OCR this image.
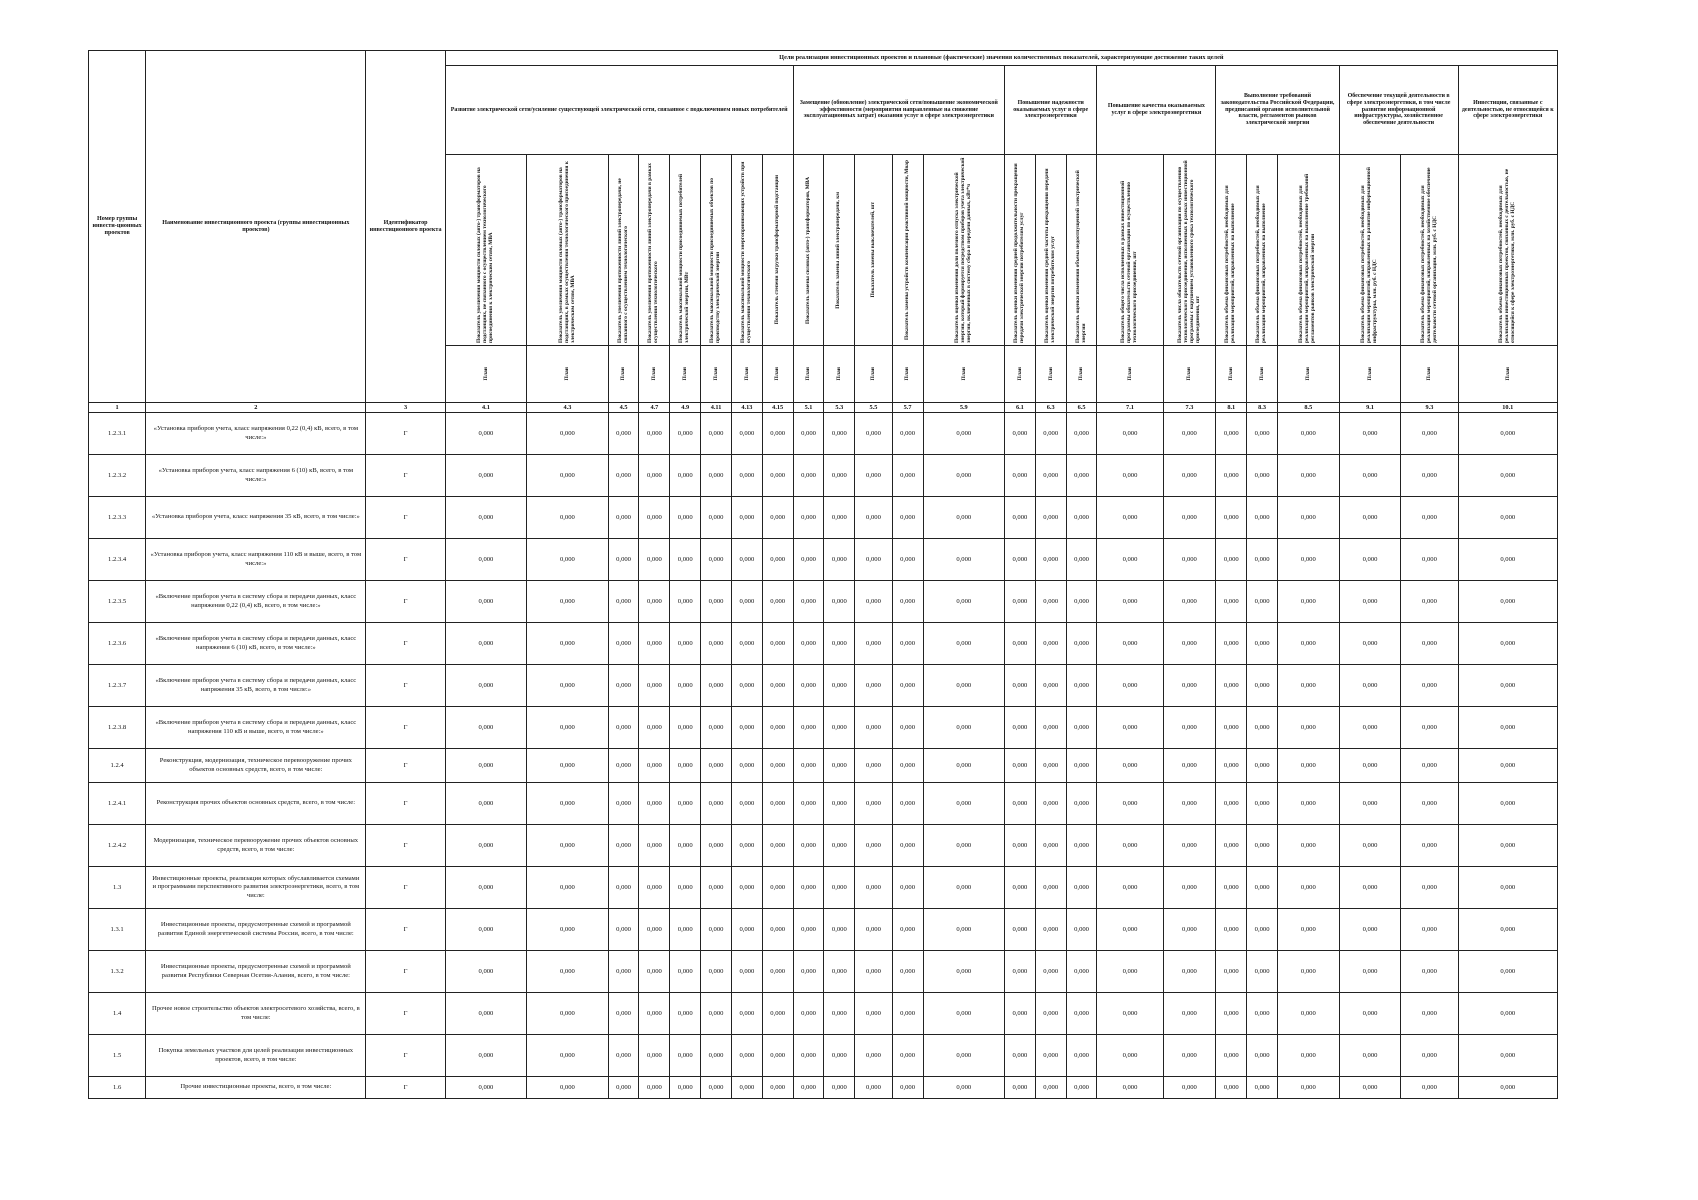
Номер группы инвести-ционных проектов	Наименование инвестиционного проекта (группы инвестиционных проектов)	Идентификатор инвестиционного проекта	Цели реализации инвестиционных проектов и плановые (фактические) значения количественных показателей, характеризующие достижение таких целей																							
			Развитие электрической сети/усиление существующей электрической сети, связанное с подключением новых потребителей								Замещение (обновление) электрической сети/повышение экономической эффективности (мероприятия направленные на снижение эксплуатационных затрат) оказания услуг в сфере электроэнергетики					Повышение надежности оказываемых услуг в сфере электроэнергетики			Повышение качества оказываемых услуг в сфере электроэнергетики		Выполнение требований законодательства Российской Федерации, предписаний органов исполнительной власти, регламентов рынков электрической энергии			Обеспечение текущей деятельности в сфере электроэнергетики, в том числе развитие информационной инфраструктуры, хозяйственное обеспечение деятельности		Инвестиции, связанные с деятельностью, не относящейся к сфере электроэнергетики

			Показатель увеличения мощности силовых (авто-) трансформаторов на подстанциях, не связанного с осуществлением технологического присоединения к электрическим сетям, МВА	Показатель увеличения мощности силовых (авто-) трансформаторов на подстанциях, в рамках осуществления технологического присоединения к электрическим сетям, МВА	Показатель увеличения протяженности линий электропередачи, не связанного с осуществлением технологического	Показатель увеличения протяженности линий электропередачи в рамках осуществления технологического	Показатель максимальной мощности присоединяемых потребителей электрической энергии, МВт	Показатель максимальной мощности присоединяемых объектов по производству электрической энергии	Показатель максимальной мощности энергопринимающих устройств при осуществлении технологического	Показатель степени загрузки трансформаторной подстанции	Показатель замены силовых (авто-) трансформаторов, МВА	Показатель замены линий электропередачи, км	Показатель замены выключателей, шт	Показатель замены устройств компенсации реактивной мощности, Мвар	Показатель оценки изменения доли полезного отпуска электрической энергии, который формируется посредством приборов учета электрической энергии, включенных в систему сбора и передачи данных, кВт*ч	Показатель оценки изменения средней продолжительности прекращения передачи электрической энергии потребителям услуг	Показатель оценки изменения средней частоты прекращения передачи электрической энергии потребителям услуг	Показатель оценки изменения объема недоотпущенной электрической энергии	Показатель общего числа исполненных в рамках инвестиционной программы обязательств сетевой организации по осуществлению технологического присоединения, шт	Показатель числа обязательств сетевой организации по осуществлению технологического присоединения, исполненных в рамках инвестиционной программы с нарушением установленного срока технологического присоединения, шт	Показатель объема финансовых потребностей, необходимых для реализации мероприятий, направленных на выполнение	Показатель объема финансовых потребностей, необходимых для реализации мероприятий, направленных на выполнение	Показатель объема финансовых потребностей, необходимых для реализации мероприятий, направленных на выполнение требований регламентов рынков электрической энергии	Показатель объема финансовых потребностей, необходимых для реализации мероприятий, направленных на развитие информационной инфраструктуры, млн. руб. с НДС	Показатель объема финансовых потребностей, необходимых для реализации мероприятий, направленных на хозяйственное обеспечение деятельности сетевой организации, млн. руб. с НДС	Показатель объема финансовых потребностей, необходимых для реализации инвестиционных проектов, связанных с деятельностью, не относящейся к сфере электроэнергетики, млн. руб. с НДС

			План	План	План	План	План	План	План	План	План	План	План	План	План	План	План	План	План	План	План	План	План	План	План	План

1	2	3	4.1	4.3	4.5	4.7	4.9	4.11	4.13	4.15	5.1	5.3	5.5	5.7	5.9	6.1	6.3	6.5	7.1	7.3	8.1	8.3	8.5	9.1	9.3	10.1
1.2.3.1	«Установка приборов учета, класс напряжения 0,22 (0,4) кВ, всего, в том числе:»	Г	0,000	0,000	0,000	0,000	0,000	0,000	0,000	0,000	0,000	0,000	0,000	0,000	0,000	0,000	0,000	0,000	0,000	0,000	0,000	0,000	0,000	0,000	0,000	0,000
1.2.3.2	«Установка приборов учета, класс напряжения 6 (10) кВ, всего, в том числе:»	Г	0,000	0,000	0,000	0,000	0,000	0,000	0,000	0,000	0,000	0,000	0,000	0,000	0,000	0,000	0,000	0,000	0,000	0,000	0,000	0,000	0,000	0,000	0,000	0,000
1.2.3.3	«Установка приборов учета, класс напряжения 35 кВ, всего, в том числе:»	Г	0,000	0,000	0,000	0,000	0,000	0,000	0,000	0,000	0,000	0,000	0,000	0,000	0,000	0,000	0,000	0,000	0,000	0,000	0,000	0,000	0,000	0,000	0,000	0,000
1.2.3.4	«Установка приборов учета, класс напряжения 110 кВ и выше, всего, в том числе:»	Г	0,000	0,000	0,000	0,000	0,000	0,000	0,000	0,000	0,000	0,000	0,000	0,000	0,000	0,000	0,000	0,000	0,000	0,000	0,000	0,000	0,000	0,000	0,000	0,000
1.2.3.5	«Включение приборов учета в систему сбора и передачи данных, класс напряжения 0,22 (0,4) кВ, всего, в том числе:»	Г	0,000	0,000	0,000	0,000	0,000	0,000	0,000	0,000	0,000	0,000	0,000	0,000	0,000	0,000	0,000	0,000	0,000	0,000	0,000	0,000	0,000	0,000	0,000	0,000
1.2.3.6	«Включение приборов учета в систему сбора и передачи данных, класс напряжения 6 (10) кВ, всего, в том числе:»	Г	0,000	0,000	0,000	0,000	0,000	0,000	0,000	0,000	0,000	0,000	0,000	0,000	0,000	0,000	0,000	0,000	0,000	0,000	0,000	0,000	0,000	0,000	0,000	0,000
1.2.3.7	«Включение приборов учета в систему сбора и передачи данных, класс напряжения 35 кВ, всего, в том числе:»	Г	0,000	0,000	0,000	0,000	0,000	0,000	0,000	0,000	0,000	0,000	0,000	0,000	0,000	0,000	0,000	0,000	0,000	0,000	0,000	0,000	0,000	0,000	0,000	0,000
1.2.3.8	«Включение приборов учета в систему сбора и передачи данных, класс напряжения 110 кВ и выше, всего, в том числе:»	Г	0,000	0,000	0,000	0,000	0,000	0,000	0,000	0,000	0,000	0,000	0,000	0,000	0,000	0,000	0,000	0,000	0,000	0,000	0,000	0,000	0,000	0,000	0,000	0,000
1.2.4	Реконструкция, модернизация, техническое перевооружение прочих объектов основных средств, всего, в том числе:	Г	0,000	0,000	0,000	0,000	0,000	0,000	0,000	0,000	0,000	0,000	0,000	0,000	0,000	0,000	0,000	0,000	0,000	0,000	0,000	0,000	0,000	0,000	0,000	0,000
1.2.4.1	Реконструкция прочих объектов основных средств, всего, в том числе:	Г	0,000	0,000	0,000	0,000	0,000	0,000	0,000	0,000	0,000	0,000	0,000	0,000	0,000	0,000	0,000	0,000	0,000	0,000	0,000	0,000	0,000	0,000	0,000	0,000
1.2.4.2	Модернизация, техническое перевооружение прочих объектов основных средств, всего, в том числе:	Г	0,000	0,000	0,000	0,000	0,000	0,000	0,000	0,000	0,000	0,000	0,000	0,000	0,000	0,000	0,000	0,000	0,000	0,000	0,000	0,000	0,000	0,000	0,000	0,000
1.3	Инвестиционные проекты, реализация которых обуславливается схемами и программами перспективного развития электроэнергетики, всего, в том числе:	Г	0,000	0,000	0,000	0,000	0,000	0,000	0,000	0,000	0,000	0,000	0,000	0,000	0,000	0,000	0,000	0,000	0,000	0,000	0,000	0,000	0,000	0,000	0,000	0,000
1.3.1	Инвестиционные проекты, предусмотренные схемой и программой развития Единой энергетической системы России, всего, в том числе:	Г	0,000	0,000	0,000	0,000	0,000	0,000	0,000	0,000	0,000	0,000	0,000	0,000	0,000	0,000	0,000	0,000	0,000	0,000	0,000	0,000	0,000	0,000	0,000	0,000
1.3.2	Инвестиционные проекты, предусмотренные схемой и программой развития Республики Северная Осетия-Алания, всего, в том числе:	Г	0,000	0,000	0,000	0,000	0,000	0,000	0,000	0,000	0,000	0,000	0,000	0,000	0,000	0,000	0,000	0,000	0,000	0,000	0,000	0,000	0,000	0,000	0,000	0,000
1.4	Прочее новое строительство объектов электросетевого хозяйства, всего, в том числе:	Г	0,000	0,000	0,000	0,000	0,000	0,000	0,000	0,000	0,000	0,000	0,000	0,000	0,000	0,000	0,000	0,000	0,000	0,000	0,000	0,000	0,000	0,000	0,000	0,000
1.5	Покупка земельных участков для целей реализации инвестиционных проектов, всего, в том числе:	Г	0,000	0,000	0,000	0,000	0,000	0,000	0,000	0,000	0,000	0,000	0,000	0,000	0,000	0,000	0,000	0,000	0,000	0,000	0,000	0,000	0,000	0,000	0,000	0,000
1.6	Прочие инвестиционные проекты, всего, в том числе:	Г	0,000	0,000	0,000	0,000	0,000	0,000	0,000	0,000	0,000	0,000	0,000	0,000	0,000	0,000	0,000	0,000	0,000	0,000	0,000	0,000	0,000	0,000	0,000	0,000
